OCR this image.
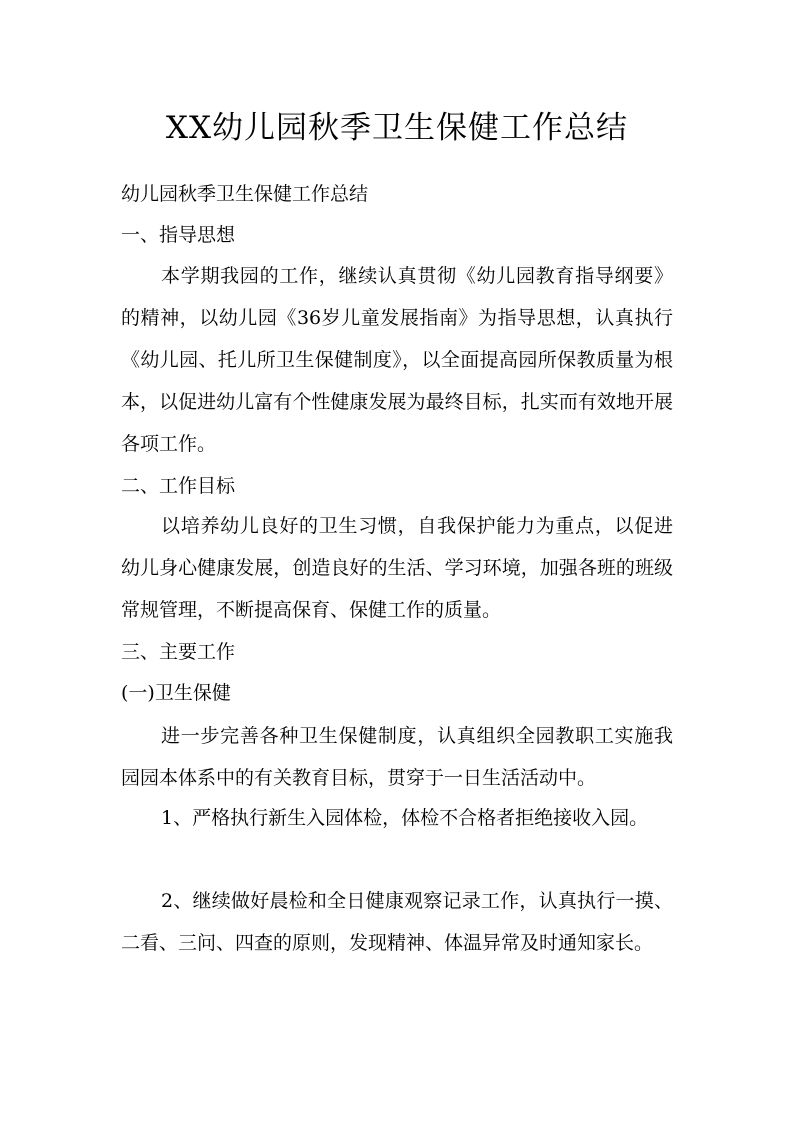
XX幼儿园秋季卫生保健工作总结

幼儿园秋季卫生保健工作总结

一、指导思想

本学期我园的工作，继续认真贯彻《幼儿园教育指导纲要》的精神，以幼儿园《36岁儿童发展指南》为指导思想，认真执行《幼儿园、托儿所卫生保健制度》，以全面提高园所保教质量为根本，以促进幼儿富有个性健康发展为最终目标，扎实而有效地开展各项工作。

二、工作目标

以培养幼儿良好的卫生习惯，自我保护能力为重点，以促进幼儿身心健康发展，创造良好的生活、学习环境，加强各班的班级常规管理，不断提高保育、保健工作的质量。

三、主要工作

(一)卫生保健

进一步完善各种卫生保健制度，认真组织全园教职工实施我园园本体系中的有关教育目标，贯穿于一日生活活动中。

1、严格执行新生入园体检，体检不合格者拒绝接收入园。

2、继续做好晨检和全日健康观察记录工作，认真执行一摸、二看、三问、四查的原则，发现精神、体温异常及时通知家长。
